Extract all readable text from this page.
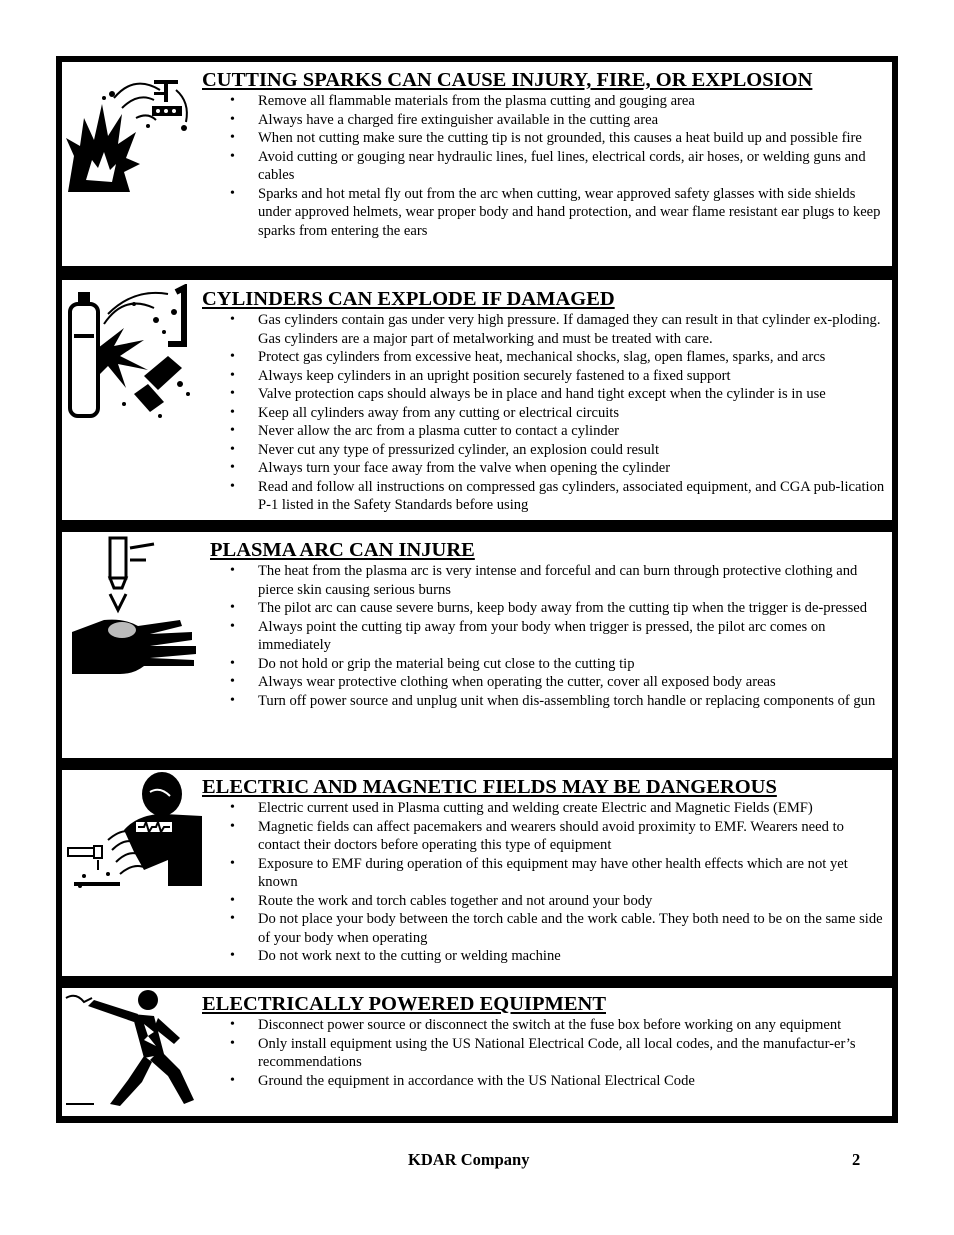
CUTTING SPARKS CAN CAUSE INJURY, FIRE, OR EXPLOSION
• Remove all flammable materials from the plasma cutting and gouging area
• Always have a charged fire extinguisher available in the cutting area
• When not cutting make sure the cutting tip is not grounded, this causes a heat build up and possible fire
• Avoid cutting or gouging near hydraulic lines, fuel lines, electrical cords, air hoses, or welding guns and cables
• Sparks and hot metal fly out from the arc when cutting, wear approved safety glasses with side shields under approved helmets, wear proper body and hand protection, and wear flame resistant ear plugs to keep sparks from entering the ears
CYLINDERS CAN EXPLODE IF DAMAGED
• Gas cylinders contain gas under very high pressure. If damaged they can result in that cylinder ex-ploding. Gas cylinders are a major part of metalworking and must be treated with care.
• Protect gas cylinders from excessive heat, mechanical shocks, slag, open flames, sparks, and arcs
• Always keep cylinders in an upright position securely fastened to a fixed support
• Valve protection caps should always be in place and hand tight except when the cylinder is in use
• Keep all cylinders away from any cutting or electrical circuits
• Never allow the arc from a plasma cutter to contact a cylinder
• Never cut any type of pressurized cylinder, an explosion could result
• Always turn your face away from the valve when opening the cylinder
• Read and follow all instructions on compressed gas cylinders, associated equipment, and CGA pub-lication P-1 listed in the Safety Standards before using
PLASMA ARC CAN INJURE
• The heat from the plasma arc is very intense and forceful and can burn through protective clothing and pierce skin causing serious burns
• The pilot arc can cause severe burns, keep body away from the cutting tip when the trigger is de-pressed
• Always point the cutting tip away from your body when trigger is pressed, the pilot arc comes on immediately
• Do not hold or grip the material being cut close to the cutting tip
• Always wear protective clothing when operating the cutter, cover all exposed body areas
• Turn off power source and unplug unit when dis-assembling torch handle or replacing components of gun
ELECTRIC AND MAGNETIC FIELDS MAY BE DANGEROUS
• Electric current used in Plasma cutting and welding create Electric and Magnetic Fields (EMF)
• Magnetic fields can affect pacemakers and wearers should avoid proximity to EMF. Wearers need to contact their doctors before operating this type of equipment
• Exposure to EMF during operation of this equipment may have other health effects which are not yet known
• Route the work and torch cables together and not around your body
• Do not place your body between the torch cable and the work cable. They both need to be on the same side of your body when operating
• Do not work next to the cutting or welding machine
ELECTRICALLY POWERED EQUIPMENT
• Disconnect power source or disconnect the switch at the fuse box before working on any equipment
• Only install equipment using the US National Electrical Code, all local codes, and the manufactur-er’s recommendations
• Ground the equipment in accordance with the US National Electrical Code
KDAR Company	2
